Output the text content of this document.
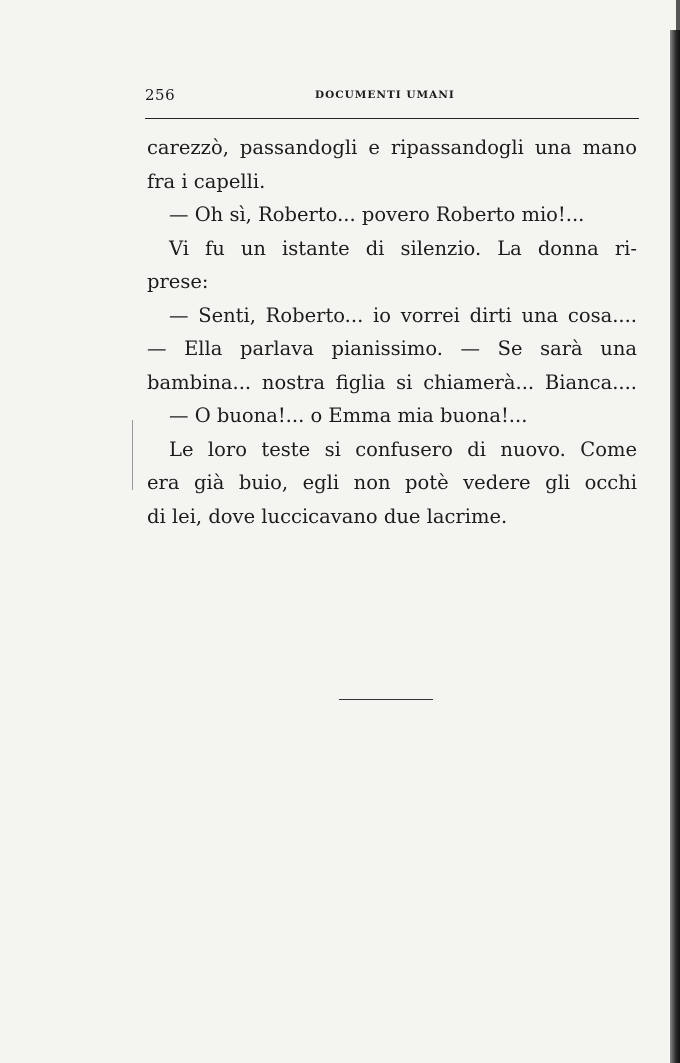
256	DOCUMENTI UMANI
carezzò, passandogli e ripassandogli una mano
fra i capelli.
— Oh sì, Roberto... povero Roberto mio!...
Vi fu un istante di silenzio. La donna ri-
prese:
— Senti, Roberto... io vorrei dirti una cosa....
— Ella parlava pianissimo. — Se sarà una
bambina... nostra figlia si chiamerà... Bianca....
— O buona!... o Emma mia buona!...
Le loro teste si confusero di nuovo. Come
era già buio, egli non potè vedere gli occhi
di lei, dove luccicavano due lacrime.
